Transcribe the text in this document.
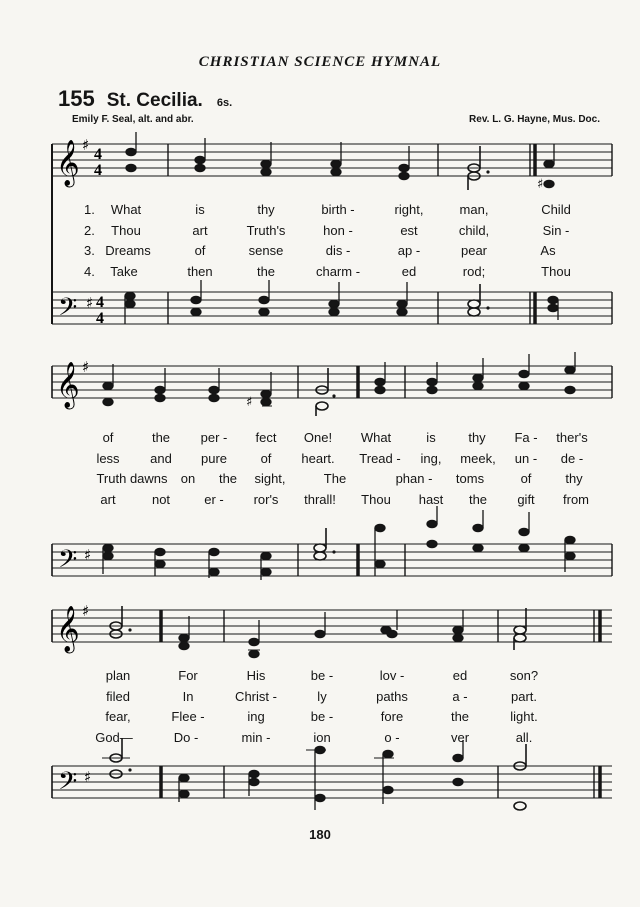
CHRISTIAN SCIENCE HYMNAL
155 St. Cecilia. 6s.
Emily F. Seal, alt. and abr.	Rev. L. G. Hayne, Mus. Doc.
𝄞
𝄢
♯
♯
4
4
4
4
♯
1. What	is	thy	birth -	right,	man,	Child
2. Thou	art	Truth's	hon -	est	child,	Sin -
3. Dreams	of	sense	dis -	ap -	pear	As
4. Take	then	the	charm -	ed	rod;	Thou
𝄞
𝄢
♯
♯
♯
of	the per - fect One! What	is	thy Fa - ther's
less and pure	of heart. Tread - ing, meek, un - de -
Truth dawns on the sight,	The	phan - toms	of	thy
art	not	er - ror's thrall! Thou hast the gift from
𝄞
𝄢
♯
♯
plan	For	His	be -	lov -	ed	son?
filed	In	Christ -	ly	paths	a -	part.
fear,	Flee -	ing	be -	fore	the	light.
God—	Do -	min -	ion	o -	ver	all.
180
